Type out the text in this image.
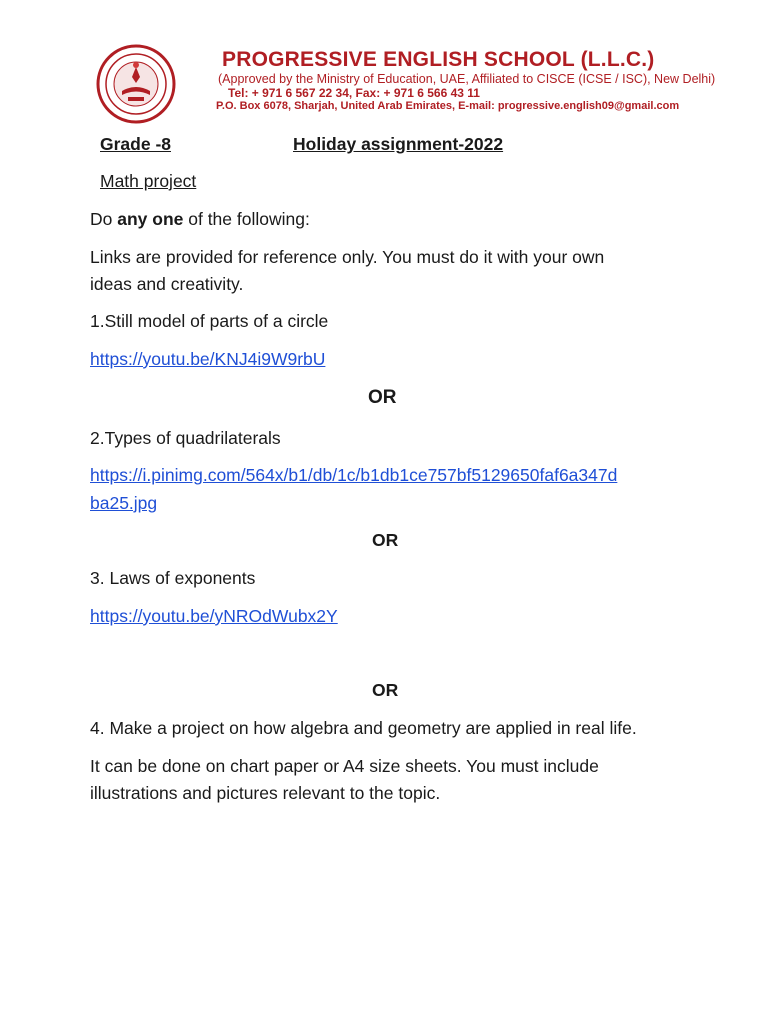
PROGRESSIVE ENGLISH SCHOOL (L.L.C.)
(Approved by the Ministry of Education, UAE, Affiliated to CISCE (ICSE / ISC), New Delhi)
Tel: + 971 6 567 22 34, Fax: + 971 6 566 43 11
P.O. Box 6078, Sharjah, United Arab Emirates, E-mail: progressive.english09@gmail.com
Grade -8	Holiday assignment-2022
Math project
Do any one of the following:
Links are provided for reference only. You must do it with your own
ideas and creativity.
1.Still model of parts of a circle
https://youtu.be/KNJ4i9W9rbU
OR
2.Types of quadrilaterals
https://i.pinimg.com/564x/b1/db/1c/b1db1ce757bf5129650faf6a347d
ba25.jpg
OR
3. Laws of exponents
https://youtu.be/yNROdWubx2Y
OR
4. Make a project on how algebra and geometry are applied in real life.
It can be done on chart paper or A4 size sheets. You must include
illustrations and pictures relevant to the topic.
